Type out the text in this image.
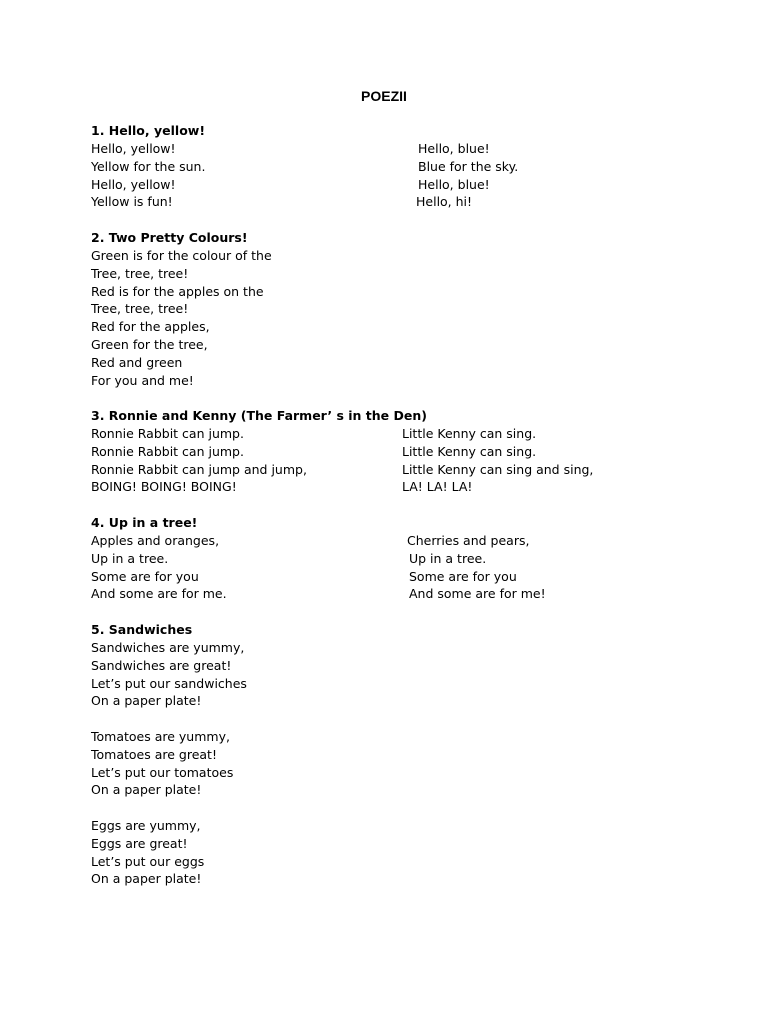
POEZII
1. Hello, yellow!
Hello, yellow!
Yellow for the sun.
Hello, yellow!
Yellow is fun!
Hello, blue!
Blue for the sky.
Hello, blue!
Hello, hi!
2. Two Pretty Colours!
Green is for the colour of the
Tree, tree, tree!
Red is for the apples on the
Tree, tree, tree!
Red for the apples,
Green for the tree,
Red and green
For you and me!
3. Ronnie and Kenny (The Farmer’ s in the Den)
Ronnie Rabbit can jump.
Ronnie Rabbit can jump.
Ronnie Rabbit can jump and jump,
BOING! BOING! BOING!
Little Kenny can sing.
Little Kenny can sing.
Little Kenny can sing and sing,
LA! LA! LA!
4. Up in a tree!
Apples and oranges,
Up in a tree.
Some are for you
And some are for me.
Cherries and pears,
Up in a tree.
Some are for you
And some are for me!
5. Sandwiches
Sandwiches are yummy,
Sandwiches are great!
Let’s put our sandwiches
On a paper plate!
Tomatoes are yummy,
Tomatoes are great!
Let’s put our tomatoes
On a paper plate!
Eggs are yummy,
Eggs are great!
Let’s put our eggs
On a paper plate!
